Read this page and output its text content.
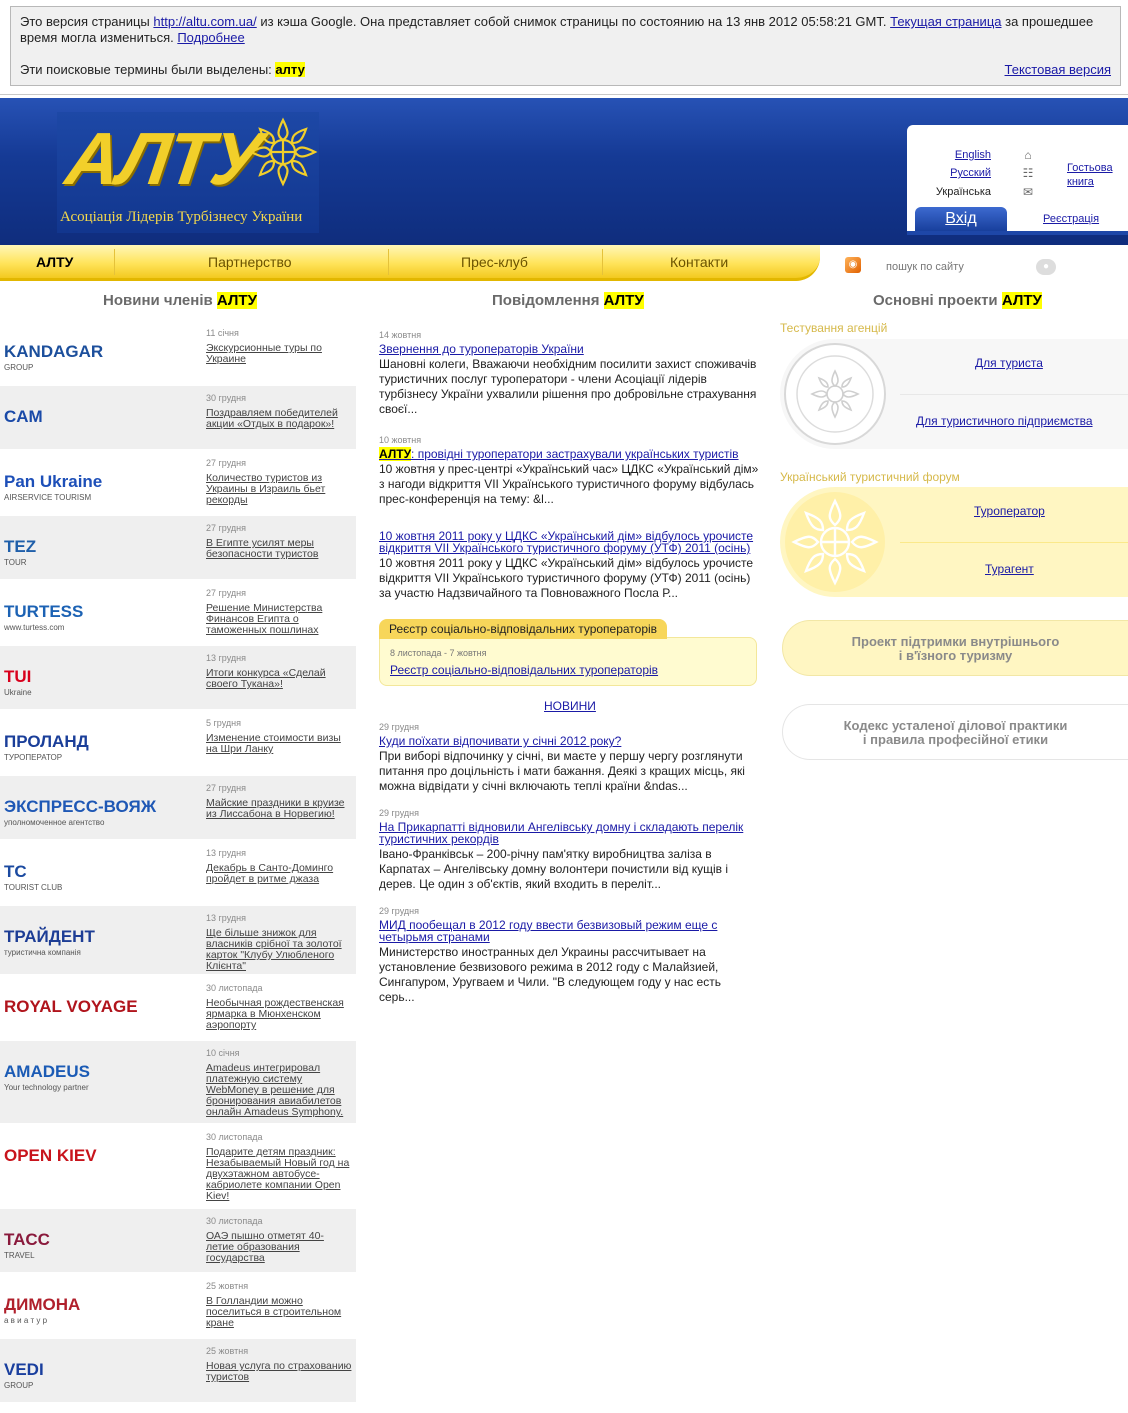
Это версия страницы http://altu.com.ua/ из кэша Google. Она представляет собой снимок страницы по состоянию на 13 янв 2012 05:58:21 GMT. Текущая страница за прошедшее время могла измениться. Подробнее
Эти поисковые термины были выделены: алту	Текстовая версия
АЛТУ
Асоціація Лідерів Турбізнесу України
English
Русский
Українська
⌂
☷
✉
Гостьова книга
Вхід	Реєстрація
АЛТУ	Партнерство	Прес-клуб	Контакти	◉	пошук по сайту	●
Новини членів АЛТУ	Повідомлення АЛТУ	Основні проекти АЛТУ
KANDAGAR
GROUP
11 січня
Экскурсионные туры по Украине
CAM
30 грудня
Поздравляем победителей акции «Отдых в подарок»!
Pan Ukraine
AIRSERVICE TOURISM
27 грудня
Количество туристов из Украины в Израиль бьет рекорды
TEZ
TOUR
27 грудня
В Египте усилят меры безопасности туристов
TURTESS
www.turtess.com
27 грудня
Решение Министерства Финансов Египта о таможенных пошлинах
TUI
Ukraine
13 грудня
Итоги конкурса «Сделай своего Тукана»!
ПРОЛАНД
ТУРОПЕРАТОР
5 грудня
Изменение стоимости визы на Шри Ланку
ЭКСПРЕСС-ВОЯЖ
уполномоченное агентство
27 грудня
Майские праздники в круизе из Лиссабона в Норвегию!
TC
TOURIST CLUB
13 грудня
Декабрь в Санто-Доминго пройдет в ритме джаза
ТРАЙДЕНТ
туристична компанія
13 грудня
Ще більше знижок для власників срібної та золотої карток "Клубу Улюбленого Клієнта"
ROYAL VOYAGE
30 листопада
Необычная рождественская ярмарка в Мюнхенском аэропорту
AMADEUS
Your technology partner
10 січня
Amadeus интегрировал платежную систему WebMoney в решение для бронирования авиабилетов онлайн Amadeus Symphony.
OPEN KIEV
30 листопада
Подарите детям праздник: Незабываемый Новый год на двухэтажном автобусе-кабриолете компании Open Kiev!
TACC
TRAVEL
30 листопада
ОАЭ пышно отметят 40-летие образования государства
ДИМОНА
а в и а т у р
25 жовтня
В Голландии можно поселиться в строительном кране
VEDI
GROUP
25 жовтня
Новая услуга по страхованию туристов
14 жовтня
Звернення до туроператорів України
Шановні колеги, Вважаючи необхідним посилити захист споживачів туристичних послуг туроператори - члени Асоціації лідерів турбізнесу України ухвалили рішення про добровільне страхування своєї...
10 жовтня
АЛТУ: провідні туроператори застрахували українських туристів
10 жовтня у прес-центрі «Український час» ЦДКС «Український дім» з нагоди відкриття VII Українського туристичного форуму відбулась прес-конференція на тему: &l...
10 жовтня 2011 року у ЦДКС «Український дім» відбулось урочисте відкриття VII Українського туристичного форуму (УТФ) 2011 (осінь)
10 жовтня 2011 року у ЦДКС «Український дім» відбулось урочисте відкриття VII Українського туристичного форуму (УТФ) 2011 (осінь) за участю Надзвичайного та Повноважного Посла Р...
8 листопада - 7 жовтня
Реєстр соціально-відповідальних туроператорів
Реєстр соціально-відповідальних туроператорів
НОВИНИ
29 грудня
Куди поїхати відпочивати у січні 2012 року?
При виборі відпочинку у січні, ви маєте у першу чергу розглянути питання про доцільність і мати бажання. Деякі з кращих місць, які можна відвідати у січні включають теплі країни &ndas...
29 грудня
На Прикарпатті відновили Ангелівську домну і складають перелік туристичних рекордів
Івано-Франківськ – 200-річну пам'ятку виробництва заліза в Карпатах – Ангелівську домну волонтери почистили від кущів і дерев. Це один з об'єктів, який входить в переліт...
29 грудня
МИД пообещал в 2012 году ввести безвизовый режим еще с четырьмя странами
Министерство иностранных дел Украины рассчитывает на установление безвизового режима в 2012 году с Малайзией, Сингапуром, Уругваем и Чили. "В следующем году у нас есть серь...
Тестування агенцій
Для туриста
Для туристичного підприємства
Український туристичний форум
Туроператор
Турагент
Проект підтримки внутрішнього
і в'їзного туризму
Кодекс усталеної ділової практики
і правила професійної етики
